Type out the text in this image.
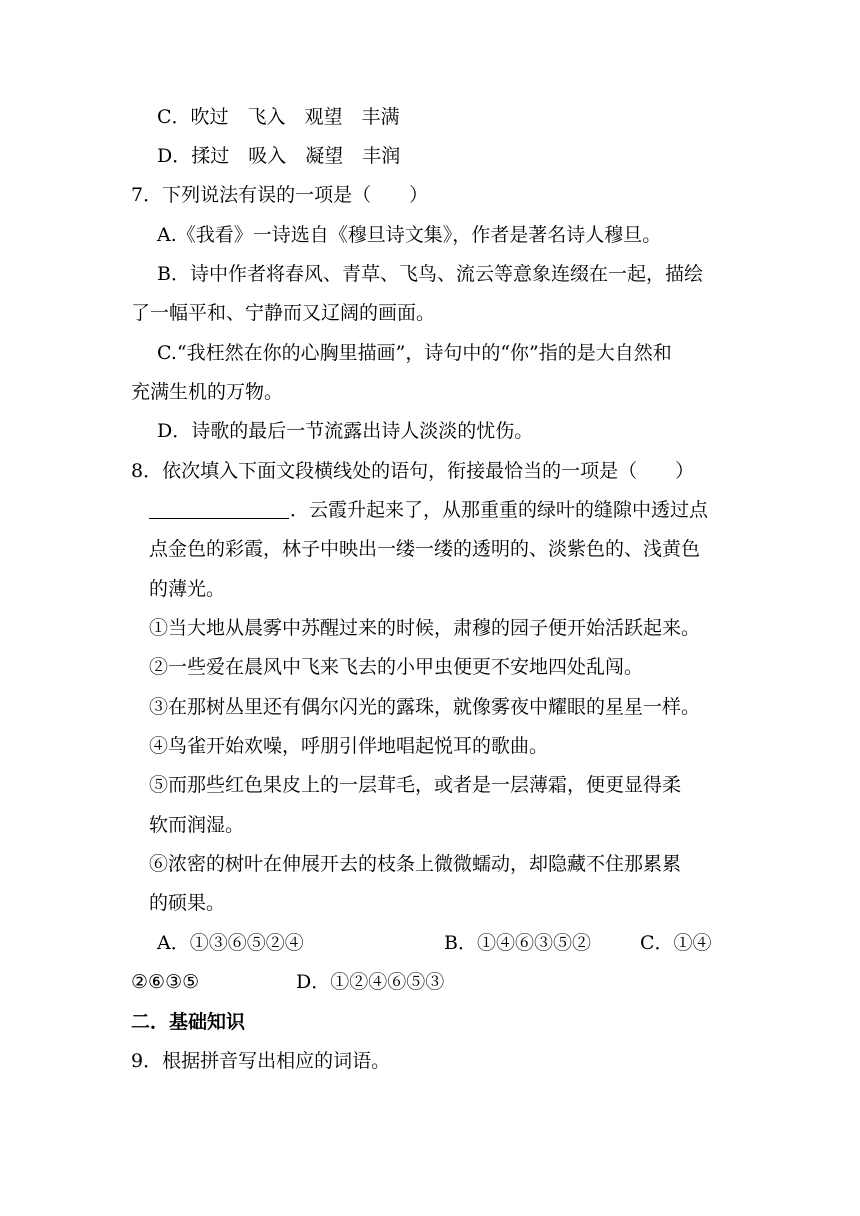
C．吹过　飞入　观望　丰满
D．揉过　吸入　凝望　丰润
7．下列说法有误的一项是（　　）
A.《我看》一诗选自《穆旦诗文集》，作者是著名诗人穆旦。
B．诗中作者将春风、青草、飞鸟、流云等意象连缀在一起，描绘
了一幅平和、宁静而又辽阔的画面。
C.“我枉然在你的心胸里描画”，诗句中的“你”指的是大自然和
充满生机的万物。
D．诗歌的最后一节流露出诗人淡淡的忧伤。
8．依次填入下面文段横线处的语句，衔接最恰当的一项是（　　）
．云霞升起来了，从那重重的绿叶的缝隙中透过点
点金色的彩霞，林子中映出一缕一缕的透明的、淡紫色的、浅黄色
的薄光。
①当大地从晨雾中苏醒过来的时候，肃穆的园子便开始活跃起来。
②一些爱在晨风中飞来飞去的小甲虫便更不安地四处乱闯。
③在那树丛里还有偶尔闪光的露珠，就像雾夜中耀眼的星星一样。
④鸟雀开始欢噪，呼朋引伴地唱起悦耳的歌曲。
⑤而那些红色果皮上的一层茸毛，或者是一层薄霜，便更显得柔
软而润湿。
⑥浓密的树叶在伸展开去的枝条上微微蠕动，却隐藏不住那累累
的硕果。
A．①③⑥⑤②④	B．①④⑥③⑤②	C．①④
②⑥③⑤	D．①②④⑥⑤③
二．基础知识
9．根据拼音写出相应的词语。
